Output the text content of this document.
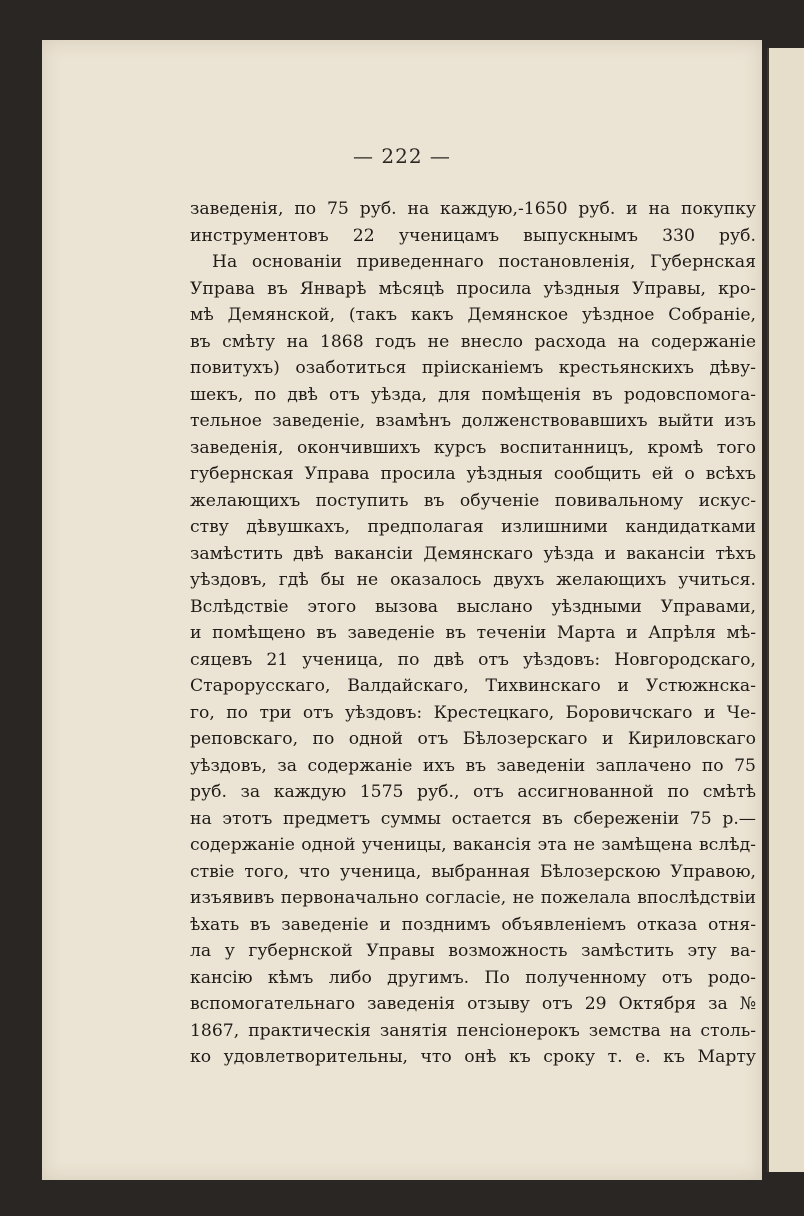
— 222 —
заведенія, по 75 руб. на каждую,-1650 руб. и на покупку
инструментовъ 22 ученицамъ выпускнымъ 330 руб.
На основаніи приведеннаго постановленія, Губернская
Управа въ Январѣ мѣсяцѣ просила уѣздныя Управы, кро-
мѣ Демянской, (такъ какъ Демянское уѣздное Собраніе,
въ смѣту на 1868 годъ не внесло расхода на содержаніе
повитухъ) озаботиться пріисканіемъ крестьянскихъ дѣву-
шекъ, по двѣ отъ уѣзда, для помѣщенія въ родовспомога-
тельное заведеніе, взамѣнъ долженствовавшихъ выйти изъ
заведенія, окончившихъ курсъ воспитанницъ, кромѣ того
губернская Управа просила уѣздныя сообщить ей о всѣхъ
желающихъ поступить въ обученіе повивальному искус-
ству дѣвушкахъ, предполагая излишними кандидатками
замѣстить двѣ вакансіи Демянскаго уѣзда и вакансіи тѣхъ
уѣздовъ, гдѣ бы не оказалось двухъ желающихъ учиться.
Вслѣдствіе этого вызова выслано уѣздными Управами,
и помѣщено въ заведеніе въ теченіи Марта и Апрѣля мѣ-
сяцевъ 21 ученица, по двѣ отъ уѣздовъ: Новгородскаго,
Старорусскаго, Валдайскаго, Тихвинскаго и Устюжнска-
го, по три отъ уѣздовъ: Крестецкаго, Боровичскаго и Че-
реповскаго, по одной отъ Бѣлозерскаго и Кириловскаго
уѣздовъ, за содержаніе ихъ въ заведеніи заплачено по 75
руб. за каждую 1575 руб., отъ ассигнованной по смѣтѣ
на этотъ предметъ суммы остается въ сбереженіи 75 р.—
содержаніе одной ученицы, вакансія эта не замѣщена вслѣд-
ствіе того, что ученица, выбранная Бѣлозерскою Управою,
изъявивъ первоначально согласіе, не пожелала впослѣдствіи
ѣхать въ заведеніе и позднимъ объявленіемъ отказа отня-
ла у губернской Управы возможность замѣстить эту ва-
кансію кѣмъ либо другимъ. По полученному отъ родо-
вспомогательнаго заведенія отзыву отъ 29 Октября за №
1867, практическія занятія пенсіонерокъ земства на столь-
ко удовлетворительны, что онѣ къ сроку т. е. къ Марту
